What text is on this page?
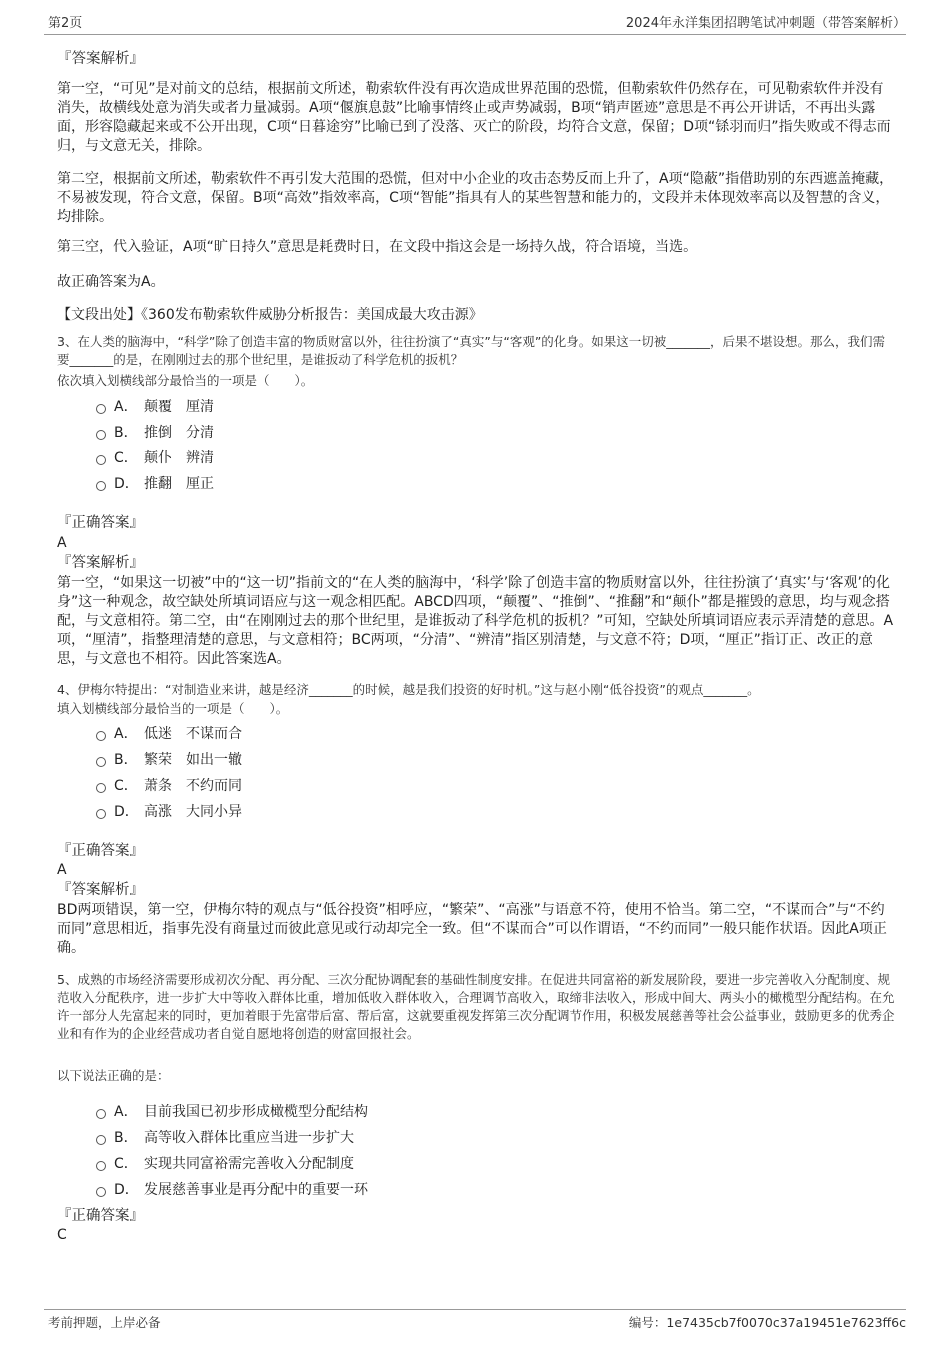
第2页	2024年永洋集团招聘笔试冲刺题（带答案解析）
『答案解析』
第一空，“可见”是对前文的总结，根据前文所述，勒索软件没有再次造成世界范围的恐慌，但勒索软件仍然存在，可见勒索软件并没有消失，故横线处意为消失或者力量减弱。A项“偃旗息鼓”比喻事情终止或声势减弱，B项“销声匿迹”意思是不再公开讲话，不再出头露面，形容隐藏起来或不公开出现，C项“日暮途穷”比喻已到了没落、灭亡的阶段，均符合文意，保留；D项“铩羽而归”指失败或不得志而归，与文意无关，排除。
第二空，根据前文所述，勒索软件不再引发大范围的恐慌，但对中小企业的攻击态势反而上升了，A项“隐蔽”指借助别的东西遮盖掩藏，不易被发现，符合文意，保留。B项“高效”指效率高，C项“智能”指具有人的某些智慧和能力的，文段并未体现效率高以及智慧的含义，均排除。
第三空，代入验证，A项“旷日持久”意思是耗费时日，在文段中指这会是一场持久战，符合语境，当选。
故正确答案为A。
【文段出处】《360发布勒索软件威胁分析报告：美国成最大攻击源》
3、在人类的脑海中，“科学”除了创造丰富的物质财富以外，往往扮演了“真实”与“客观”的化身。如果这一切被_______，后果不堪设想。那么，我们需要_______的是，在刚刚过去的那个世纪里，是谁扳动了科学危机的扳机？
依次填入划横线部分最恰当的一项是（　　）。
A． 颠覆 厘清
B． 推倒 分清
C． 颠仆 辨清
D． 推翻 厘正
『正确答案』
A
『答案解析』
第一空，“如果这一切被”中的“这一切”指前文的“在人类的脑海中，‘科学’除了创造丰富的物质财富以外，往往扮演了‘真实’与‘客观’的化身”这一种观念，故空缺处所填词语应与这一观念相匹配。ABCD四项，“颠覆”、“推倒”、“推翻”和“颠仆”都是摧毁的意思，均与观念搭配，与文意相符。第二空，由“在刚刚过去的那个世纪里，是谁扳动了科学危机的扳机？”可知，空缺处所填词语应表示弄清楚的意思。A项，“厘清”，指整理清楚的意思，与文意相符；BC两项，“分清”、“辨清”指区别清楚，与文意不符；D项，“厘正”指订正、改正的意思，与文意也不相符。因此答案选A。
4、伊梅尔特提出：“对制造业来讲，越是经济_______的时候，越是我们投资的好时机。”这与赵小刚“低谷投资”的观点_______。
填入划横线部分最恰当的一项是（　　）。
A． 低迷 不谋而合
B． 繁荣 如出一辙
C． 萧条 不约而同
D． 高涨 大同小异
『正确答案』
A
『答案解析』
BD两项错误，第一空，伊梅尔特的观点与“低谷投资”相呼应，“繁荣”、“高涨”与语意不符，使用不恰当。第二空，“不谋而合”与“不约而同”意思相近，指事先没有商量过而彼此意见或行动却完全一致。但“不谋而合”可以作谓语，“不约而同”一般只能作状语。因此A项正确。
5、成熟的市场经济需要形成初次分配、再分配、三次分配协调配套的基础性制度安排。在促进共同富裕的新发展阶段，要进一步完善收入分配制度、规范收入分配秩序，进一步扩大中等收入群体比重，增加低收入群体收入，合理调节高收入，取缔非法收入，形成中间大、两头小的橄榄型分配结构。在允许一部分人先富起来的同时，更加着眼于先富带后富、帮后富，这就要重视发挥第三次分配调节作用，积极发展慈善等社会公益事业，鼓励更多的优秀企业和有作为的企业经营成功者自觉自愿地将创造的财富回报社会。
以下说法正确的是：
A． 目前我国已初步形成橄榄型分配结构
B． 高等收入群体比重应当进一步扩大
C． 实现共同富裕需完善收入分配制度
D． 发展慈善事业是再分配中的重要一环
『正确答案』
C
考前押题，上岸必备	编号：1e7435cb7f0070c37a19451e7623ff6c
